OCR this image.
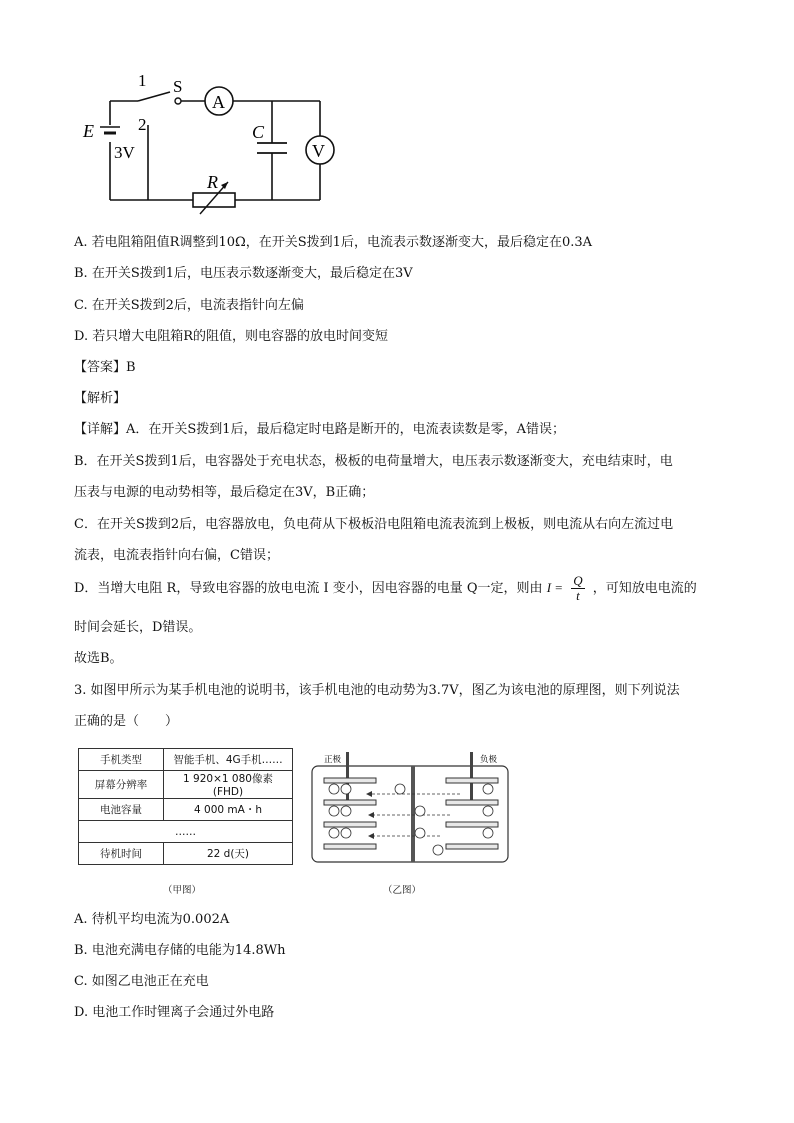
1 S
A
E	2
3V
C
V
R
A. 若电阻箱阻值R调整到10Ω，在开关S拨到1后，电流表示数逐渐变大，最后稳定在0.3A
B. 在开关S拨到1后，电压表示数逐渐变大，最后稳定在3V
C. 在开关S拨到2后，电流表指针向左偏
D. 若只增大电阻箱R的阻值，则电容器的放电时间变短
【答案】B
【解析】
【详解】A．在开关S拨到1后，最后稳定时电路是断开的，电流表读数是零，A错误；
B．在开关S拨到1后，电容器处于充电状态，极板的电荷量增大，电压表示数逐渐变大，充电结束时，电
压表与电源的电动势相等，最后稳定在3V，B正确；
C．在开关S拨到2后，电容器放电，负电荷从下极板沿电阻箱电流表流到上极板，则电流从右向左流过电
流表，电流表指针向右偏，C错误；
D．当增大电阻 R，导致电容器的放电电流 I 变小，因电容器的电量 Q一定，则由 $I = \frac{Q}{t}$ ，可知放电电流的
时间会延长，D错误。
故选B。
3. 如图甲所示为某手机电池的说明书，该手机电池的电动势为3.7V，图乙为该电池的原理图，则下列说法
正确的是（　　）
手机类型	智能手机、4G手机……
屏幕分辨率	1 920×1 080像素(FHD)
电池容量	4 000 mA・h
……	
待机时间	22 d(天)
（甲图）
正极	负极
（乙图）
A. 待机平均电流为0.002A
B. 电池充满电存储的电能为14.8Wh
C. 如图乙电池正在充电
D. 电池工作时锂离子会通过外电路
